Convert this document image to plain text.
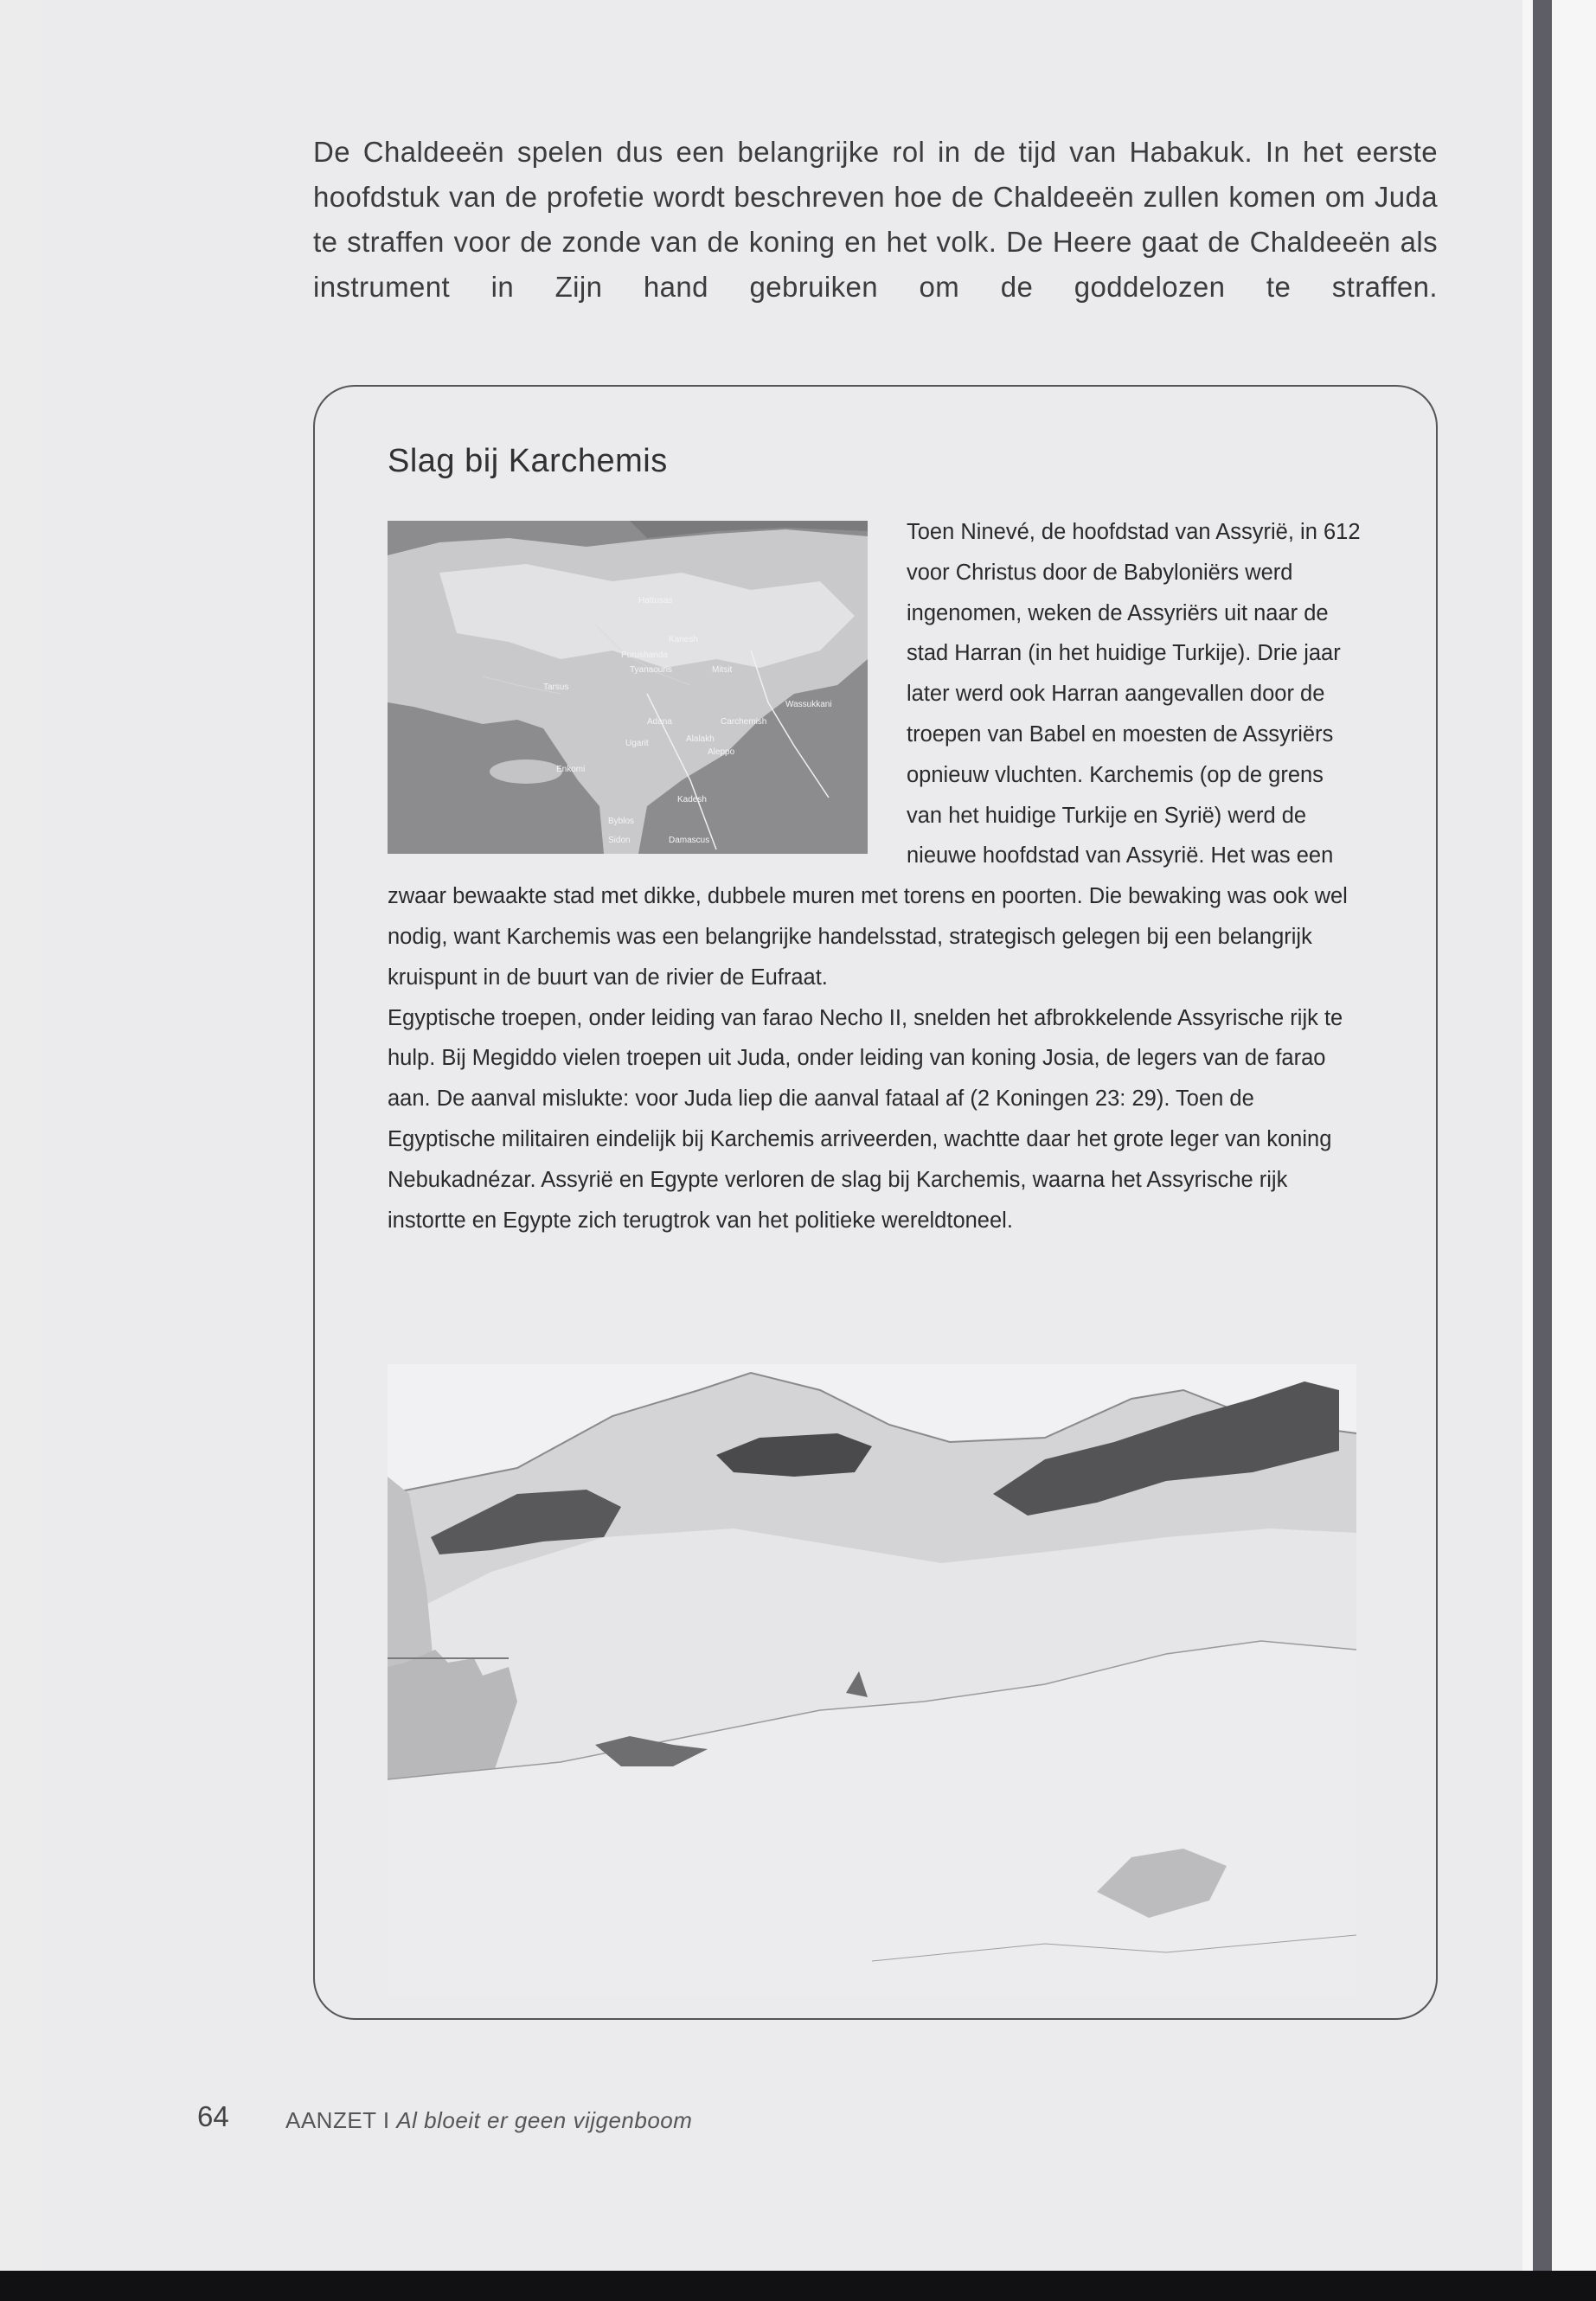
De Chaldeeën spelen dus een belangrijke rol in de tijd van Habakuk. In het eerste hoofdstuk van de profetie wordt beschreven hoe de Chaldeeën zullen komen om Juda te straffen voor de zonde van de koning en het volk. De Heere gaat de Chaldeeën als instrument in Zijn hand gebruiken om de goddelozen te straffen.
Slag bij Karchemis

Toen Ninevé, de hoofdstad van Assyrië, in 612 voor Christus door de Babyloniërs werd ingenomen, weken de Assyriërs uit naar de stad Harran (in het huidige Turkije). Drie jaar later werd ook Harran aangevallen door de troepen van Babel en moesten de Assyriërs opnieuw vluchten. Karchemis (op de grens van het huidige Turkije en Syrië) werd de nieuwe hoofdstad van Assyrië. Het was een zwaar bewaakte stad met dikke, dubbele muren met torens en poorten. Die bewaking was ook wel nodig, want Karchemis was een belangrijke handelsstad, strategisch gelegen bij een belangrijk kruispunt in de buurt van de rivier de Eufraat.

Egyptische troepen, onder leiding van farao Necho II, snelden het afbrokkelende Assyrische rijk te hulp. Bij Megiddo vielen troepen uit Juda, onder leiding van koning Josia, de legers van de farao aan. De aanval mislukte: voor Juda liep die aanval fataal af (2 Koningen 23: 29). Toen de Egyptische militairen eindelijk bij Karchemis arriveerden, wachtte daar het grote leger van koning Nebukadnézar. Assyrië en Egypte verloren de slag bij Karchemis, waarna het Assyrische rijk instortte en Egypte zich terugtrok van het politieke wereldtoneel.

Hattusas
Kanesh
Purushanda
Tyanaouris	Mitsit
Tarsus
Wassukkani
Adana	Carchemish
Ugarit	Alalakh
Aleppo
Enkomi
Kadesh
Byblos
Sidon	Damascus
64	AANZET I Al bloeit er geen vijgenboom
